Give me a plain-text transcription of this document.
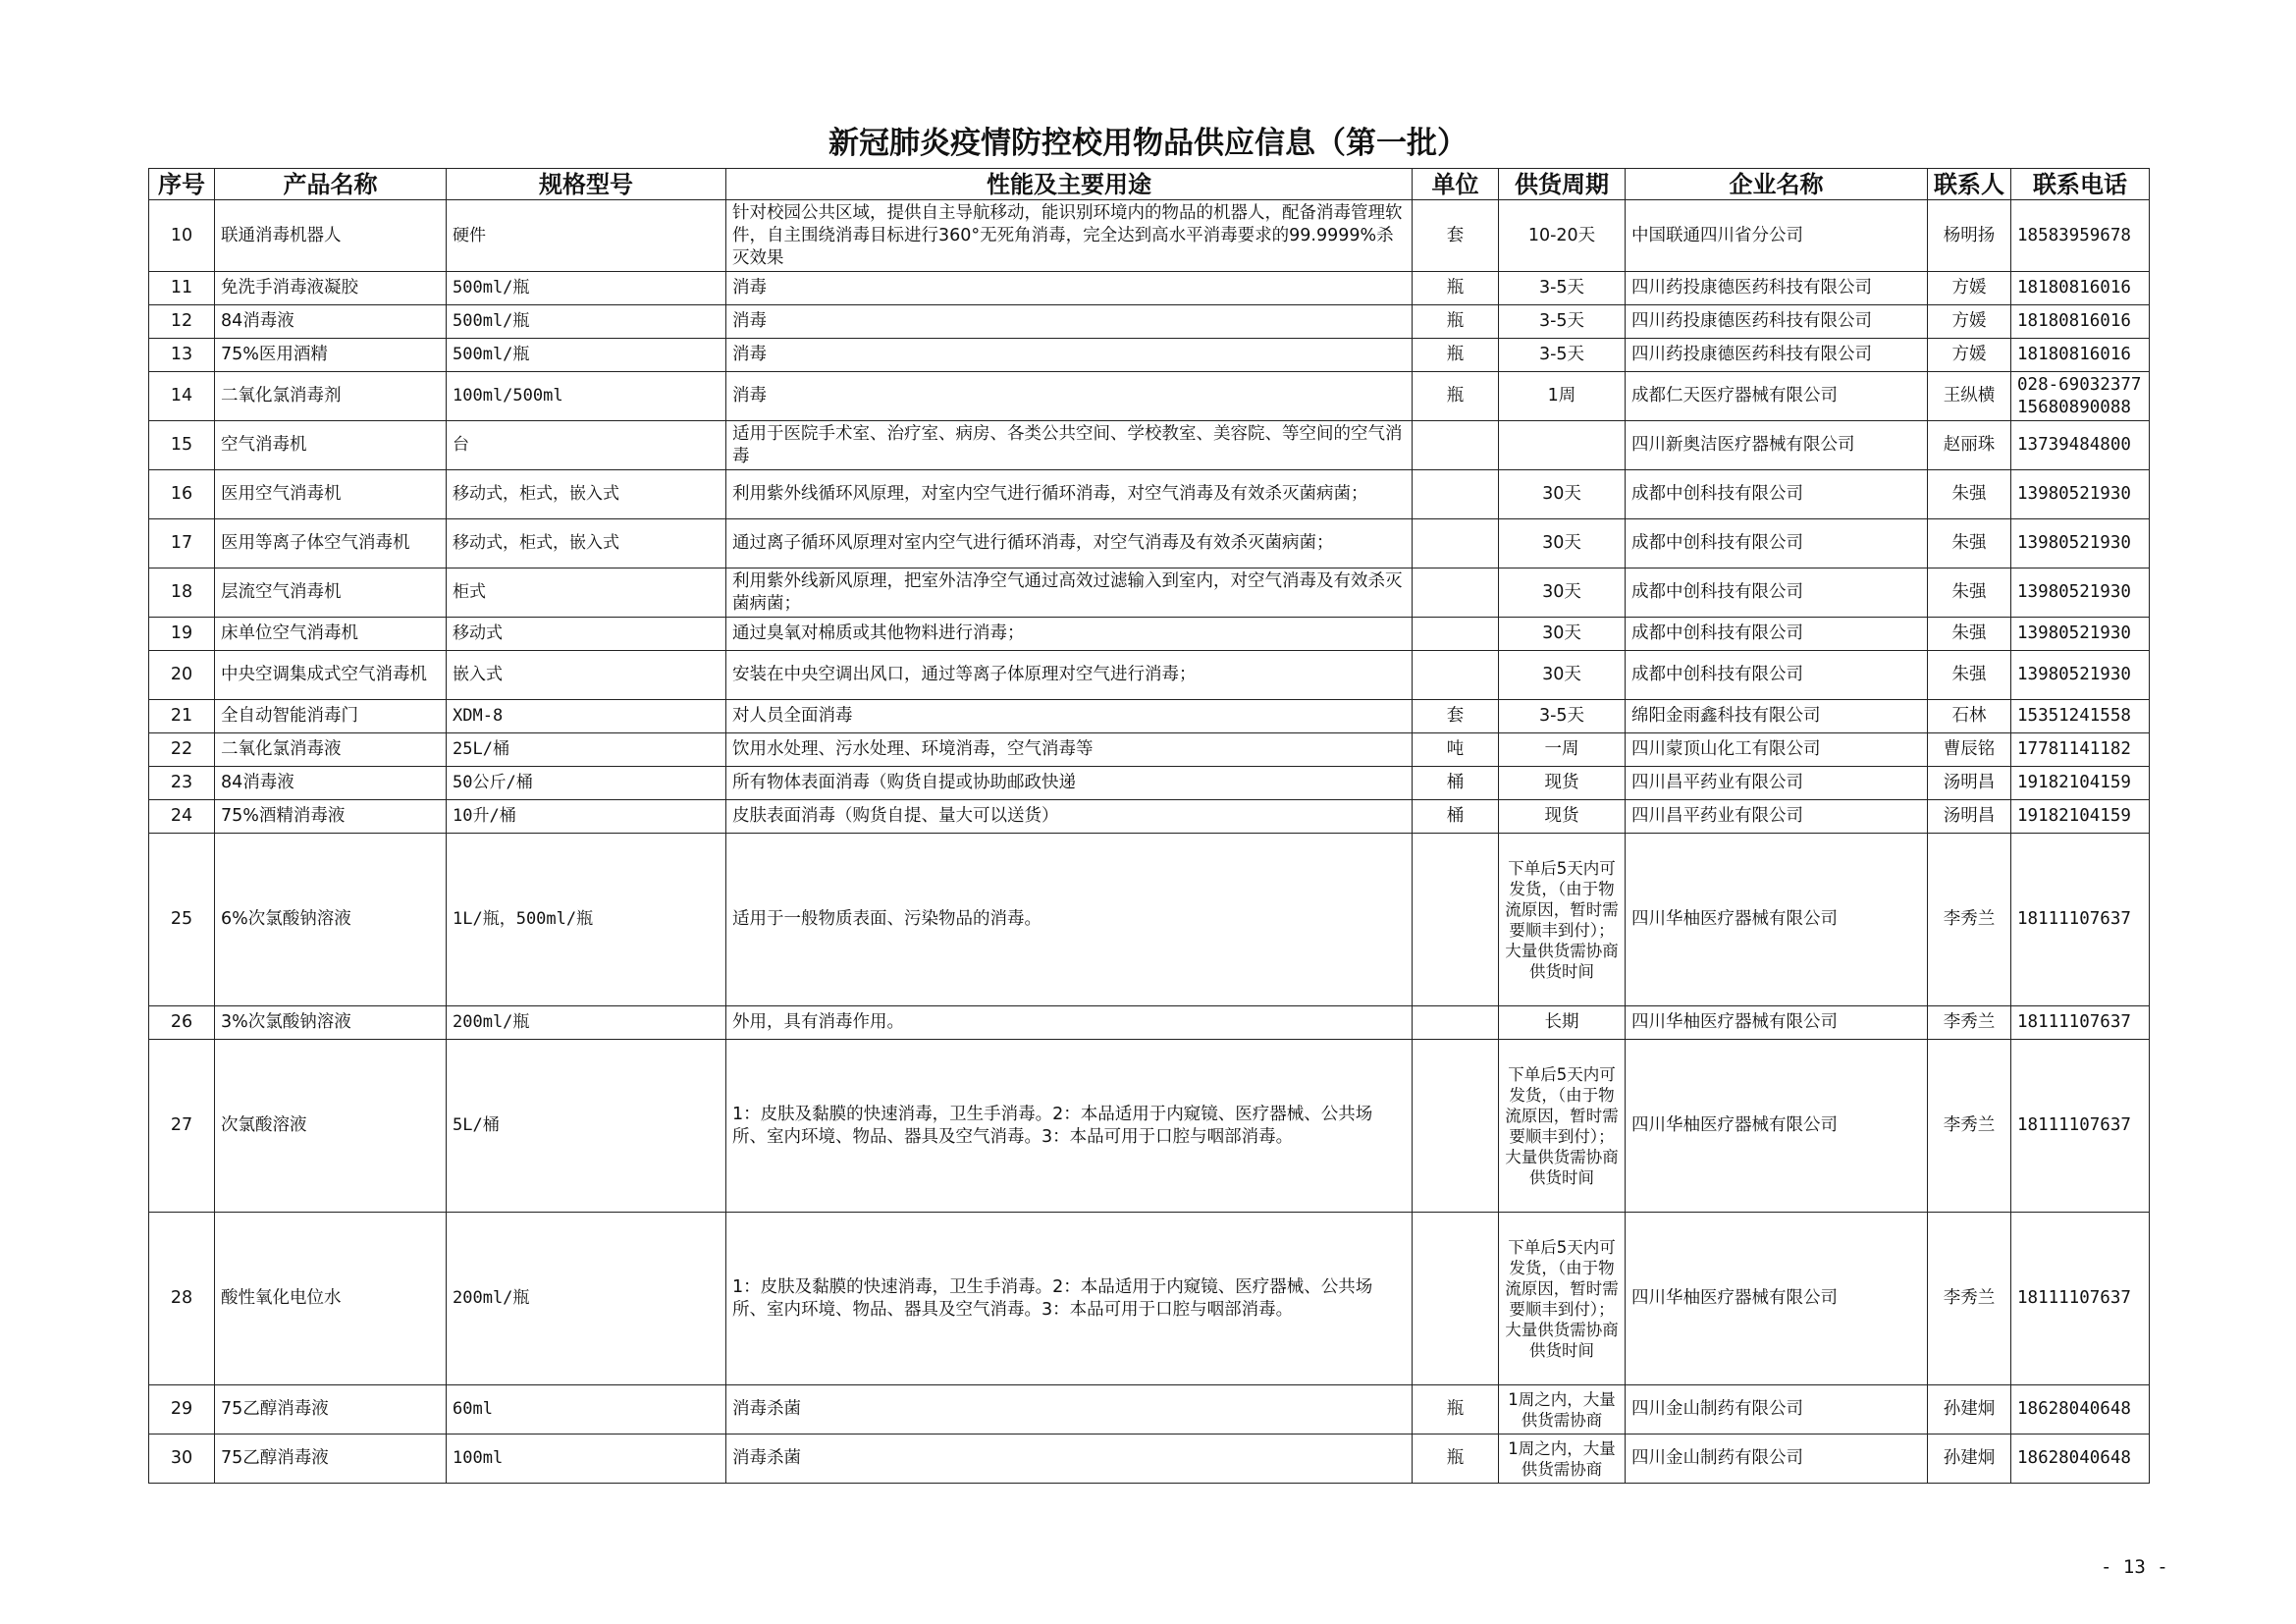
新冠肺炎疫情防控校用物品供应信息（第一批）
序号	产品名称	规格型号	性能及主要用途	单位	供货周期	企业名称	联系人	联系电话
10	联通消毒机器人	硬件	针对校园公共区域，提供自主导航移动，能识别环境内的物品的机器人，配备消毒管理软件，自主围绕消毒目标进行360°无死角消毒，完全达到高水平消毒要求的99.9999%杀灭效果	套	10-20天	中国联通四川省分公司	杨明扬	18583959678
11	免洗手消毒液凝胶	500ml/瓶	消毒	瓶	3-5天	四川药投康德医药科技有限公司	方媛	18180816016
12	84消毒液	500ml/瓶	消毒	瓶	3-5天	四川药投康德医药科技有限公司	方媛	18180816016
13	75%医用酒精	500ml/瓶	消毒	瓶	3-5天	四川药投康德医药科技有限公司	方媛	18180816016
14	二氧化氯消毒剂	100ml/500ml	消毒	瓶	1周	成都仁天医疗器械有限公司	王纵横	028-69032377 15680890088
15	空气消毒机	台	适用于医院手术室、治疗室、病房、各类公共空间、学校教室、美容院、等空间的空气消毒			四川新奥洁医疗器械有限公司	赵丽珠	13739484800
16	医用空气消毒机	移动式，柜式，嵌入式	利用紫外线循环风原理，对室内空气进行循环消毒，对空气消毒及有效杀灭菌病菌；		30天	成都中创科技有限公司	朱强	13980521930
17	医用等离子体空气消毒机	移动式，柜式，嵌入式	通过离子循环风原理对室内空气进行循环消毒，对空气消毒及有效杀灭菌病菌；		30天	成都中创科技有限公司	朱强	13980521930
18	层流空气消毒机	柜式	利用紫外线新风原理，把室外洁净空气通过高效过滤输入到室内，对空气消毒及有效杀灭菌病菌；		30天	成都中创科技有限公司	朱强	13980521930
19	床单位空气消毒机	移动式	通过臭氧对棉质或其他物料进行消毒；		30天	成都中创科技有限公司	朱强	13980521930
20	中央空调集成式空气消毒机	嵌入式	安装在中央空调出风口，通过等离子体原理对空气进行消毒；		30天	成都中创科技有限公司	朱强	13980521930
21	全自动智能消毒门	XDM-8	对人员全面消毒	套	3-5天	绵阳金雨鑫科技有限公司	石林	15351241558
22	二氧化氯消毒液	25L/桶	饮用水处理、污水处理、环境消毒，空气消毒等	吨	一周	四川蒙顶山化工有限公司	曹辰铭	17781141182
23	84消毒液	50公斤/桶	所有物体表面消毒（购货自提或协助邮政快递	桶	现货	四川昌平药业有限公司	汤明昌	19182104159
24	75%酒精消毒液	10升/桶	皮肤表面消毒（购货自提、量大可以送货）	桶	现货	四川昌平药业有限公司	汤明昌	19182104159
25	6%次氯酸钠溶液	1L/瓶，500ml/瓶	适用于一般物质表面、污染物品的消毒。		下单后5天内可发货，（由于物流原因，暂时需要顺丰到付）；大量供货需协商供货时间	四川华柚医疗器械有限公司	李秀兰	18111107637
26	3%次氯酸钠溶液	200ml/瓶	外用，具有消毒作用。		长期	四川华柚医疗器械有限公司	李秀兰	18111107637
27	次氯酸溶液	5L/桶	1：皮肤及黏膜的快速消毒，卫生手消毒。2：本品适用于内窥镜、医疗器械、公共场所、室内环境、物品、器具及空气消毒。3：本品可用于口腔与咽部消毒。		下单后5天内可发货，（由于物流原因，暂时需要顺丰到付）；大量供货需协商供货时间	四川华柚医疗器械有限公司	李秀兰	18111107637
28	酸性氧化电位水	200ml/瓶	1：皮肤及黏膜的快速消毒，卫生手消毒。2：本品适用于内窥镜、医疗器械、公共场所、室内环境、物品、器具及空气消毒。3：本品可用于口腔与咽部消毒。		下单后5天内可发货，（由于物流原因，暂时需要顺丰到付）；大量供货需协商供货时间	四川华柚医疗器械有限公司	李秀兰	18111107637
29	75乙醇消毒液	60ml	消毒杀菌	瓶	1周之内，大量供货需协商	四川金山制药有限公司	孙建炯	18628040648
30	75乙醇消毒液	100ml	消毒杀菌	瓶	1周之内，大量供货需协商	四川金山制药有限公司	孙建炯	18628040648
- 13 -
